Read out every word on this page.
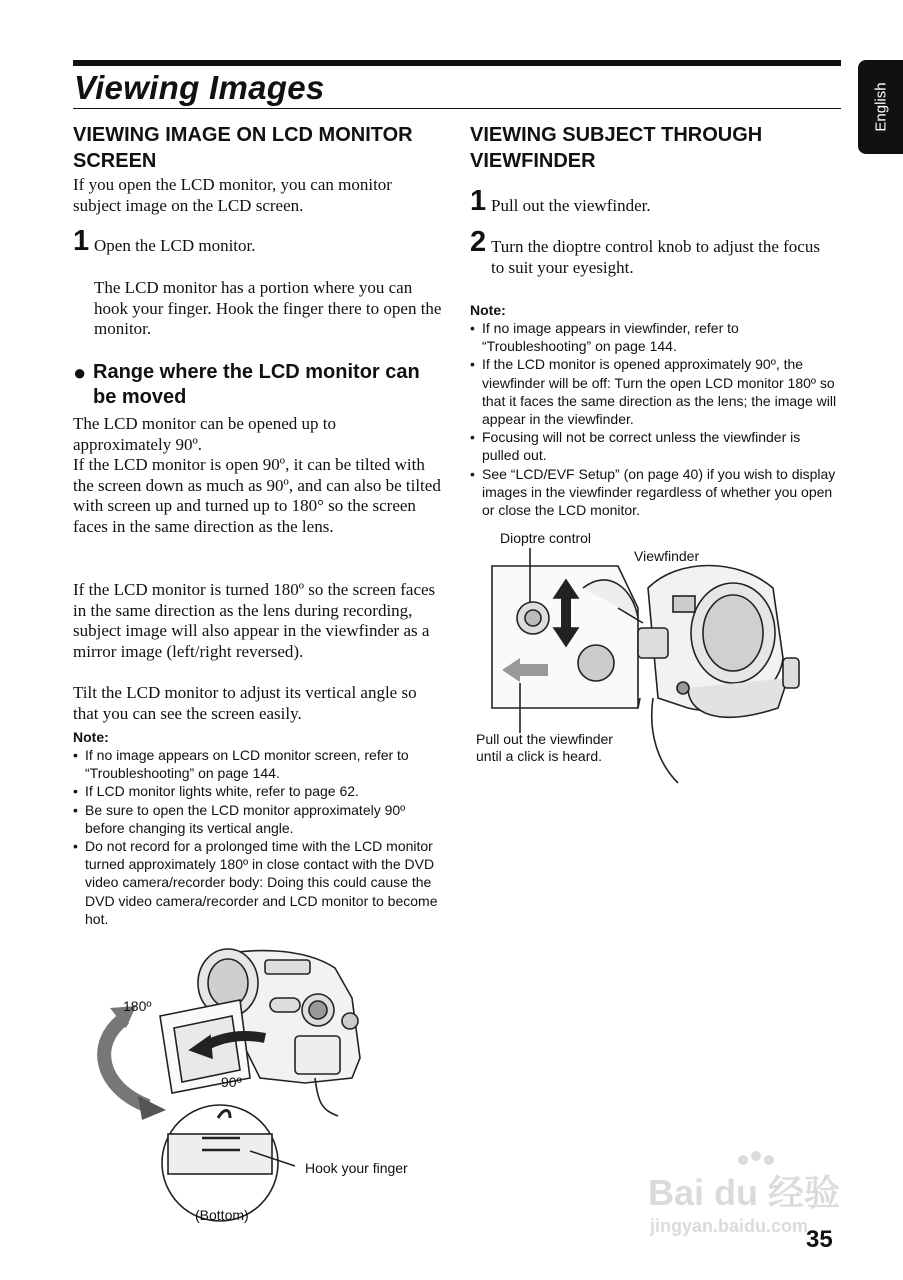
Viewing Images	English
VIEWING IMAGE ON LCD MONITOR SCREEN

If you open the LCD monitor, you can monitor subject image on the LCD screen.

1 Open the LCD monitor.

The LCD monitor has a portion where you can hook your finger. Hook the finger there to open the monitor.

● Range where the LCD monitor can be moved

The LCD monitor can be opened up to approximately 90º.

If the LCD monitor is open 90º, it can be tilted with the screen down as much as 90º, and can also be tilted with screen up and turned up to 180° so the screen faces in the same direction as the lens.

If the LCD monitor is turned 180º so the screen faces in the same direction as the lens during recording, subject image will also appear in the viewfinder as a mirror image (left/right reversed).

Tilt the LCD monitor to adjust its vertical angle so that you can see the screen easily.

Note:
• If no image appears on LCD monitor screen, refer to “Troubleshooting” on page 144.
• If LCD monitor lights white, refer to page 62.
• Be sure to open the LCD monitor approximately 90º before changing its vertical angle.
• Do not record for a prolonged time with the LCD monitor turned approximately 180º in close contact with the DVD video camera/recorder body: Doing this could cause the DVD video camera/recorder and LCD monitor to become hot.
180º
90º
Hook your finger
(Bottom)
VIEWING SUBJECT THROUGH VIEWFINDER
1 Pull out the viewfinder.

2 Turn the dioptre control knob to adjust the focus to suit your eyesight.

Note:
• If no image appears in viewfinder, refer to “Troubleshooting” on page 144.
• If the LCD monitor is opened approximately 90º, the viewfinder will be off: Turn the open LCD monitor 180º so that it faces the same direction as the lens; the image will appear in the viewfinder.
• Focusing will not be correct unless the viewfinder is pulled out.
• See “LCD/EVF Setup” (on page 40) if you wish to display images in the viewfinder regardless of whether you open or close the LCD monitor.
Dioptre control
Viewfinder
Pull out the viewfinder until a click is heard.
Bai du 经验
jingyan.baidu.com
35
